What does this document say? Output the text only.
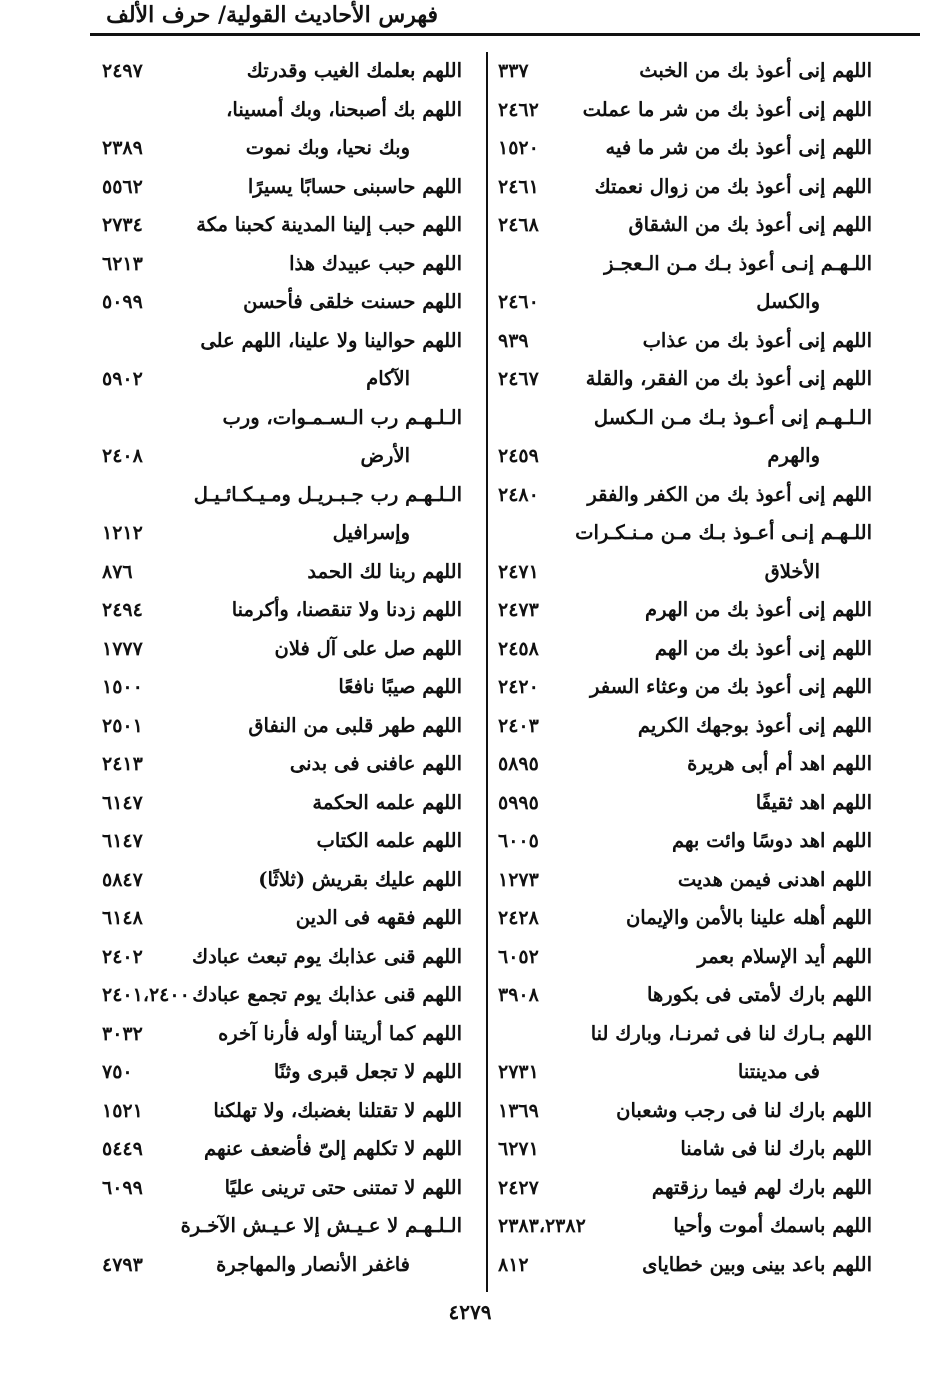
فهرس الأحاديث القولية/ حرف الألف
اللهم إنى أعوذ بك من الخبث
٣٣٧
اللهم إنى أعوذ بك من شر ما عملت
٢٤٦٢
اللهم إنى أعوذ بك من شر ما فيه
١٥٢٠
اللهم إنى أعوذ بك من زوال نعمتك
٢٤٦١
اللهم إنى أعوذ بك من الشقاق
٢٤٦٨
اللـهـم إنـى أعوذ بـك مـن الـعجـز
والكسل
٢٤٦٠
اللهم إنى أعوذ بك من عذاب
٩٣٩
اللهم إنى أعوذ بك من الفقر، والقلة
٢٤٦٧
الـلـهـم إنى أعـوذ بـك مـن الـكسل
والهرم
٢٤٥٩
اللهم إنى أعوذ بك من الكفر والفقر
٢٤٨٠
اللـهـم إنـى أعـوذ بـك مـن مـنـكـرات
الأخلاق
٢٤٧١
اللهم إنى أعوذ بك من الهرم
٢٤٧٣
اللهم إنى أعوذ بك من الهم
٢٤٥٨
اللهم إنى أعوذ بك من وعثاء السفر
٢٤٢٠
اللهم إنى أعوذ بوجهك الكريم
٢٤٠٣
اللهم اهد أم أبى هريرة
٥٨٩٥
اللهم اهد ثقيفًا
٥٩٩٥
اللهم اهد دوسًا وائت بهم
٦٠٠٥
اللهم اهدنى فيمن هديت
١٢٧٣
اللهم أهله علينا بالأمن والإيمان
٢٤٢٨
اللهم أيد الإسلام بعمر
٦٠٥٢
اللهم بارك لأمتى فى بكورها
٣٩٠٨
اللهم بـارك لنا فى ثمرنـا، وبارك لنا
فى مدينتنا
٢٧٣١
اللهم بارك لنا فى رجب وشعبان
١٣٦٩
اللهم بارك لنا فى شامنا
٦٢٧١
اللهم بارك لهم فيما رزقتهم
٢٤٢٧
اللهم باسمك أموت وأحيا
٢٣٨٣،٢٣٨٢
اللهم باعد بينى وبين خطاياى
٨١٢
اللهم بعلمك الغيب وقدرتك
٢٤٩٧
اللهم بك أصبحنا، وبك أمسينا،
وبك نحيا، وبك نموت
٢٣٨٩
اللهم حاسبنى حسابًا يسيرًا
٥٥٦٢
اللهم حبب إلينا المدينة كحبنا مكة
٢٧٣٤
اللهم حبب عبيدك هذا
٦٢١٣
اللهم حسنت خلقى فأحسن
٥٠٩٩
اللهم حوالينا ولا علينا، اللهم على
الآكام
٥٩٠٢
الـلـهـم رب الـسـمـوات، ورب
الأرض
٢٤٠٨
الـلـهـم رب جـبـريـل ومـيـكـائـيـل
وإسرافيل
١٢١٢
اللهم ربنا لك الحمد
٨٧٦
اللهم زدنا ولا تنقصنا، وأكرمنا
٢٤٩٤
اللهم صل على آل فلان
١٧٧٧
اللهم صيبًا نافعًا
١٥٠٠
اللهم طهر قلبى من النفاق
٢٥٠١
اللهم عافنى فى بدنى
٢٤١٣
اللهم علمه الحكمة
٦١٤٧
اللهم علمه الكتاب
٦١٤٧
اللهم عليك بقريش (ثلاثًا)
٥٨٤٧
اللهم فقهه فى الدين
٦١٤٨
اللهم قنى عذابك يوم تبعث عبادك
٢٤٠٢
اللهم قنى عذابك يوم تجمع عبادك
٢٤٠١،٢٤٠٠
اللهم كما أريتنا أوله فأرنا آخره
٣٠٣٢
اللهم لا تجعل قبرى وثنًا
٧٥٠
اللهم لا تقتلنا بغضبك، ولا تهلكنا
١٥٢١
اللهم لا تكلهم إلىّ فأضعف عنهم
٥٤٤٩
اللهم لا تمتنى حتى ترينى عليًا
٦٠٩٩
الـلـهـم لا عـيـش إلا عـيـش الآخـرة
فاغفر الأنصار والمهاجرة
٤٧٩٣
٤٢٧٩
